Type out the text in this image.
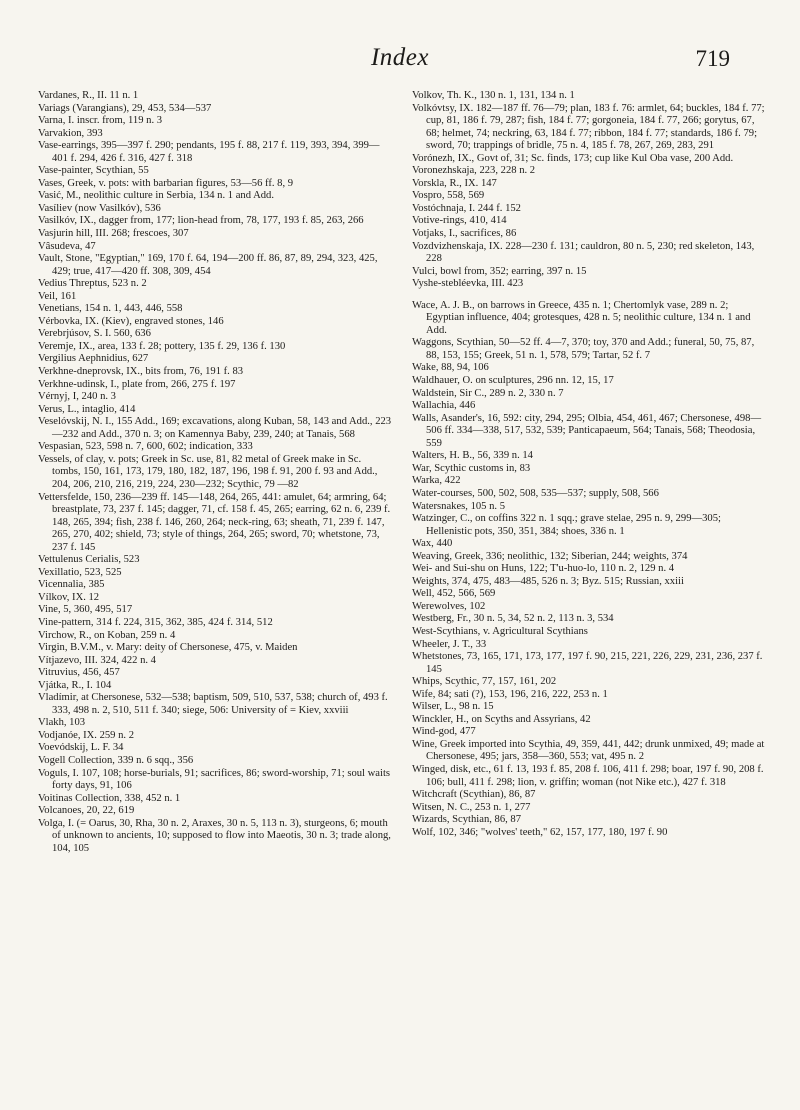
Index	719

Vardanes, R., II. 11 n. 1

Variags (Varangians), 29, 453, 534—537

Varna, I. inscr. from, 119 n. 3

Varvakion, 393

Vase-earrings, 395—397 f. 290; pendants, 195 f. 88, 217 f. 119, 393, 394, 399—401 f. 294, 426 f. 316, 427 f. 318

Vase-painter, Scythian, 55

Vases, Greek, v. pots: with barbarian figures, 53—56 ff. 8, 9

Vasić, M., neolithic culture in Serbia, 134 n. 1 and Add.

Vasíliev (now Vasilkóv), 536

Vasilkóv, IX., dagger from, 177; lion-head from, 78, 177, 193 f. 85, 263, 266

Vasjurin hill, III. 268; frescoes, 307

Vâsudeva, 47

Vault, Stone, "Egyptian," 169, 170 f. 64, 194—200 ff. 86, 87, 89, 294, 323, 425, 429; true, 417—420 ff. 308, 309, 454

Vedius Threptus, 523 n. 2

Veil, 161

Venetians, 154 n. 1, 443, 446, 558

Vérbovka, IX. (Kiev), engraved stones, 146

Verebrjúsov, S. I. 560, 636

Veremje, IX., area, 133 f. 28; pottery, 135 f. 29, 136 f. 130

Vergilius Aephnidius, 627

Verkhne-dneprovsk, IX., bits from, 76, 191 f. 83

Verkhne-udinsk, I., plate from, 266, 275 f. 197

Vérnyj, I, 240 n. 3

Verus, L., intaglio, 414

Veselóvskij, N. I., 155 Add., 169; excavations, along Kuban, 58, 143 and Add., 223—232 and Add., 370 n. 3; on Kamennya Baby, 239, 240; at Tanais, 568

Vespasian, 523, 598 n. 7, 600, 602; indication, 333

Vessels, of clay, v. pots; Greek in Sc. use, 81, 82 metal of Greek make in Sc. tombs, 150, 161, 173, 179, 180, 182, 187, 196, 198 f. 91, 200 f. 93 and Add., 204, 206, 210, 216, 219, 224, 230—232; Scythic, 79 —82

Vettersfelde, 150, 236—239 ff. 145—148, 264, 265, 441: amulet, 64; armring, 64; breastplate, 73, 237 f. 145; dagger, 71, cf. 158 f. 45, 265; earring, 62 n. 6, 239 f. 148, 265, 394; fish, 238 f. 146, 260, 264; neck-ring, 63; sheath, 71, 239 f. 147, 265, 270, 402; shield, 73; style of things, 264, 265; sword, 70; whetstone, 73, 237 f. 145

Vettulenus Cerialis, 523

Vexillatio, 523, 525

Vicennalia, 385

Vílkov, IX. 12

Vine, 5, 360, 495, 517

Vine-pattern, 314 f. 224, 315, 362, 385, 424 f. 314, 512

Virchow, R., on Koban, 259 n. 4

Virgin, B.V.M., v. Mary: deity of Chersonese, 475, v. Maiden

Vítjazevo, III. 324, 422 n. 4

Vitruvius, 456, 457

Vjátka, R., I. 104

Vladímir, at Chersonese, 532—538; baptism, 509, 510, 537, 538; church of, 493 f. 333, 498 n. 2, 510, 511 f. 340; siege, 506: University of = Kiev, xxviii

Vlakh, 103

Vodjanóe, IX. 259 n. 2

Voevódskij, L. F. 34

Vogell Collection, 339 n. 6 sqq., 356

Voguls, I. 107, 108; horse-burials, 91; sacrifices, 86; sword-worship, 71; soul waits forty days, 91, 106

Voitinas Collection, 338, 452 n. 1

Volcanoes, 20, 22, 619

Volga, I. (= Oarus, 30, Rha, 30 n. 2, Araxes, 30 n. 5, 113 n. 3), sturgeons, 6; mouth of unknown to ancients, 10; supposed to flow into Maeotis, 30 n. 3; trade along, 104, 105

Volkov, Th. K., 130 n. 1, 131, 134 n. 1

Volkóvtsy, IX. 182—187 ff. 76—79; plan, 183 f. 76: armlet, 64; buckles, 184 f. 77; cup, 81, 186 f. 79, 287; fish, 184 f. 77; gorgoneia, 184 f. 77, 266; gorytus, 67, 68; helmet, 74; neckring, 63, 184 f. 77; ribbon, 184 f. 77; standards, 186 f. 79; sword, 70; trappings of bridle, 75 n. 4, 185 f. 78, 267, 269, 283, 291

Vorónezh, IX., Govt of, 31; Sc. finds, 173; cup like Kul Oba vase, 200 Add.

Voronezhskaja, 223, 228 n. 2

Vorskla, R., IX. 147

Vospro, 558, 569

Vostóchnaja, I. 244 f. 152

Votive-rings, 410, 414

Votjaks, I., sacrifices, 86

Vozdvizhenskaja, IX. 228—230 f. 131; cauldron, 80 n. 5, 230; red skeleton, 143, 228

Vulci, bowl from, 352; earring, 397 n. 15

Vyshe-stebléevka, III. 423

Wace, A. J. B., on barrows in Greece, 435 n. 1; Chertomlyk vase, 289 n. 2; Egyptian influence, 404; grotesques, 428 n. 5; neolithic culture, 134 n. 1 and Add.

Waggons, Scythian, 50—52 ff. 4—7, 370; toy, 370 and Add.; funeral, 50, 75, 87, 88, 153, 155; Greek, 51 n. 1, 578, 579; Tartar, 52 f. 7

Wake, 88, 94, 106

Waldhauer, O. on sculptures, 296 nn. 12, 15, 17

Waldstein, Sir C., 289 n. 2, 330 n. 7

Wallachia, 446

Walls, Asander's, 16, 592: city, 294, 295; Olbia, 454, 461, 467; Chersonese, 498—506 ff. 334—338, 517, 532, 539; Panticapaeum, 564; Tanais, 568; Theodosia, 559

Walters, H. B., 56, 339 n. 14

War, Scythic customs in, 83

Warka, 422

Water-courses, 500, 502, 508, 535—537; supply, 508, 566

Watersnakes, 105 n. 5

Watzinger, C., on coffins 322 n. 1 sqq.; grave stelae, 295 n. 9, 299—305; Hellenistic pots, 350, 351, 384; shoes, 336 n. 1

Wax, 440

Weaving, Greek, 336; neolithic, 132; Siberian, 244; weights, 374

Wei- and Sui-shu on Huns, 122; T'u-huo-lo, 110 n. 2, 129 n. 4

Weights, 374, 475, 483—485, 526 n. 3; Byz. 515; Russian, xxiii

Well, 452, 566, 569

Werewolves, 102

Westberg, Fr., 30 n. 5, 34, 52 n. 2, 113 n. 3, 534

West-Scythians, v. Agricultural Scythians

Wheeler, J. T., 33

Whetstones, 73, 165, 171, 173, 177, 197 f. 90, 215, 221, 226, 229, 231, 236, 237 f. 145

Whips, Scythic, 77, 157, 161, 202

Wife, 84; sati (?), 153, 196, 216, 222, 253 n. 1

Wilser, L., 98 n. 15

Winckler, H., on Scyths and Assyrians, 42

Wind-god, 477

Wine, Greek imported into Scythia, 49, 359, 441, 442; drunk unmixed, 49; made at Chersonese, 495; jars, 358—360, 553; vat, 495 n. 2

Winged, disk, etc., 61 f. 13, 193 f. 85, 208 f. 106, 411 f. 298; boar, 197 f. 90, 208 f. 106; bull, 411 f. 298; lion, v. griffin; woman (not Nike etc.), 427 f. 318

Witchcraft (Scythian), 86, 87

Witsen, N. C., 253 n. 1, 277

Wizards, Scythian, 86, 87

Wolf, 102, 346; "wolves' teeth," 62, 157, 177, 180, 197 f. 90
